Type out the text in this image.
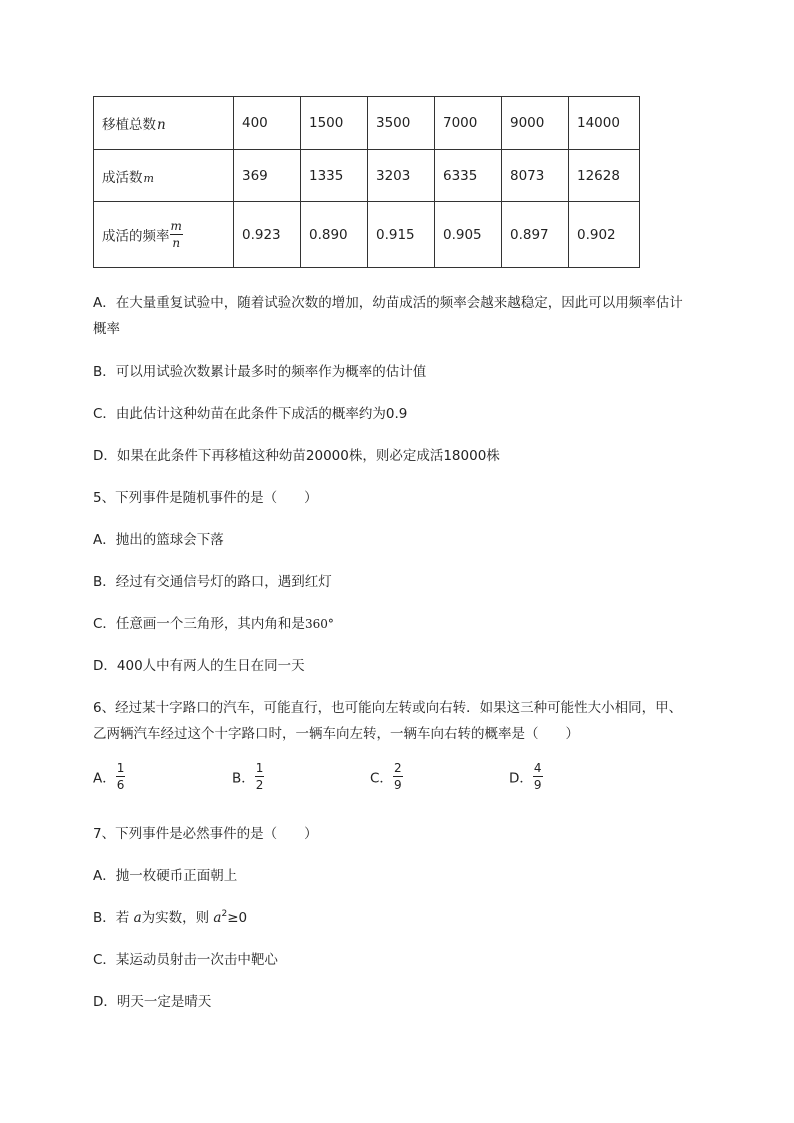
移植总数n	400	1500	3500	7000	9000	14000
成活数m	369	1335	3203	6335	8073	12628
成活的频率 $\frac{m}{n}$	0.923	0.890	0.915	0.905	0.897	0.902
A．在大量重复试验中，随着试验次数的增加，幼苗成活的频率会越来越稳定，因此可以用频率估计
概率
B．可以用试验次数累计最多时的频率作为概率的估计值
C．由此估计这种幼苗在此条件下成活的概率约为0.9
D．如果在此条件下再移植这种幼苗20000株，则必定成活18000株
5、下列事件是随机事件的是（　　）
A．抛出的篮球会下落
B．经过有交通信号灯的路口，遇到红灯
C．任意画一个三角形，其内角和是360°
D．400人中有两人的生日在同一天
6、经过某十字路口的汽车，可能直行，也可能向左转或向右转．如果这三种可能性大小相同，甲、
乙两辆汽车经过这个十字路口时，一辆车向左转，一辆车向右转的概率是（　　）
A． $\frac{1}{6}$	B． $\frac{1}{2}$	C． $\frac{2}{9}$	D． $\frac{4}{9}$
7、下列事件是必然事件的是（　　）
A．抛一枚硬币正面朝上
B．若 a为实数，则 $a^2\ge 0$
C．某运动员射击一次击中靶心
D．明天一定是晴天
